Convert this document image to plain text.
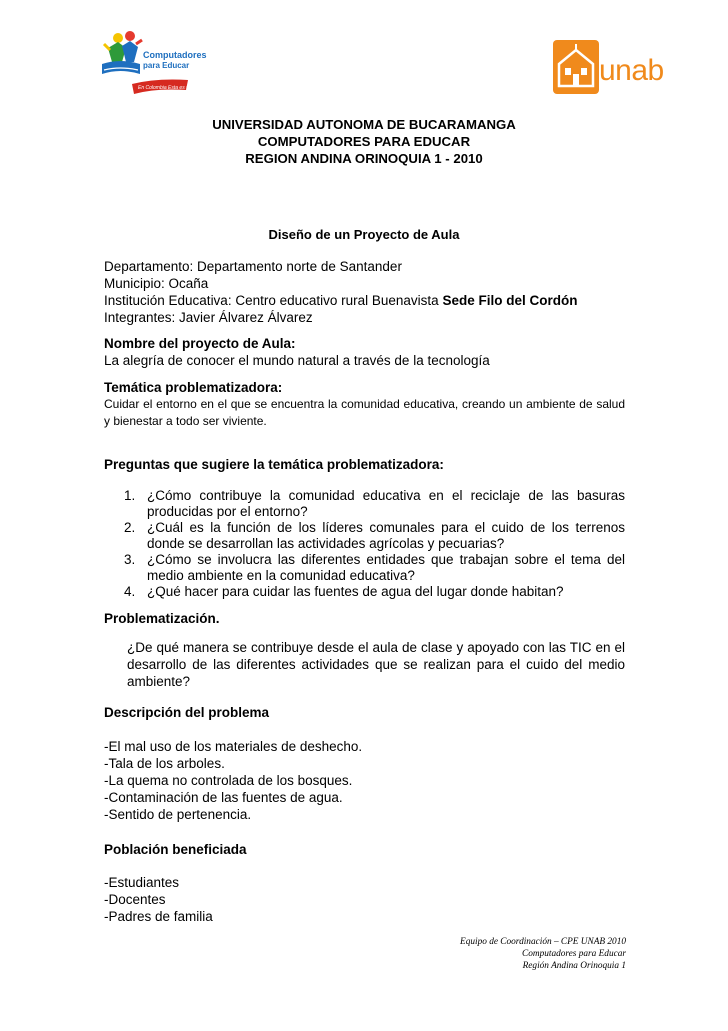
En Colombia Esta es una Prioridad
Computadores
para Educar	unab
UNIVERSIDAD AUTONOMA DE BUCARAMANGA
COMPUTADORES PARA EDUCAR
REGION ANDINA ORINOQUIA 1 - 2010
Diseño de un Proyecto de Aula
Departamento: Departamento norte de Santander
Municipio: Ocaña
Institución Educativa: Centro educativo rural Buenavista Sede Filo del Cordón
Integrantes: Javier Álvarez Álvarez
Nombre del proyecto de Aula:
La alegría de conocer el mundo natural a través de la tecnología
Temática problematizadora:
Cuidar el entorno en el que se encuentra la comunidad educativa, creando un ambiente de salud y bienestar a todo ser viviente.
Preguntas que sugiere la temática problematizadora:
1. ¿Cómo contribuye la comunidad educativa en el reciclaje de las basuras producidas por el entorno?
2. ¿Cuál es la función de los líderes comunales para el cuido de los terrenos donde se desarrollan las actividades agrícolas y pecuarias?
3. ¿Cómo se involucra las diferentes entidades que trabajan sobre el tema del medio ambiente en la comunidad educativa?
4. ¿Qué hacer para cuidar las fuentes de agua del lugar donde habitan?
Problematización.
¿De qué manera se contribuye desde el aula de clase y apoyado con las TIC en el desarrollo de las diferentes actividades que se realizan para el cuido del medio ambiente?
Descripción del problema
-El mal uso de los materiales de deshecho.
-Tala de los arboles.
-La quema no controlada de los bosques.
-Contaminación de las fuentes de agua.
-Sentido de pertenencia.
Población beneficiada
-Estudiantes
-Docentes
-Padres de familia
Equipo de Coordinación – CPE UNAB 2010
Computadores para Educar
Región Andina Orinoquia 1
